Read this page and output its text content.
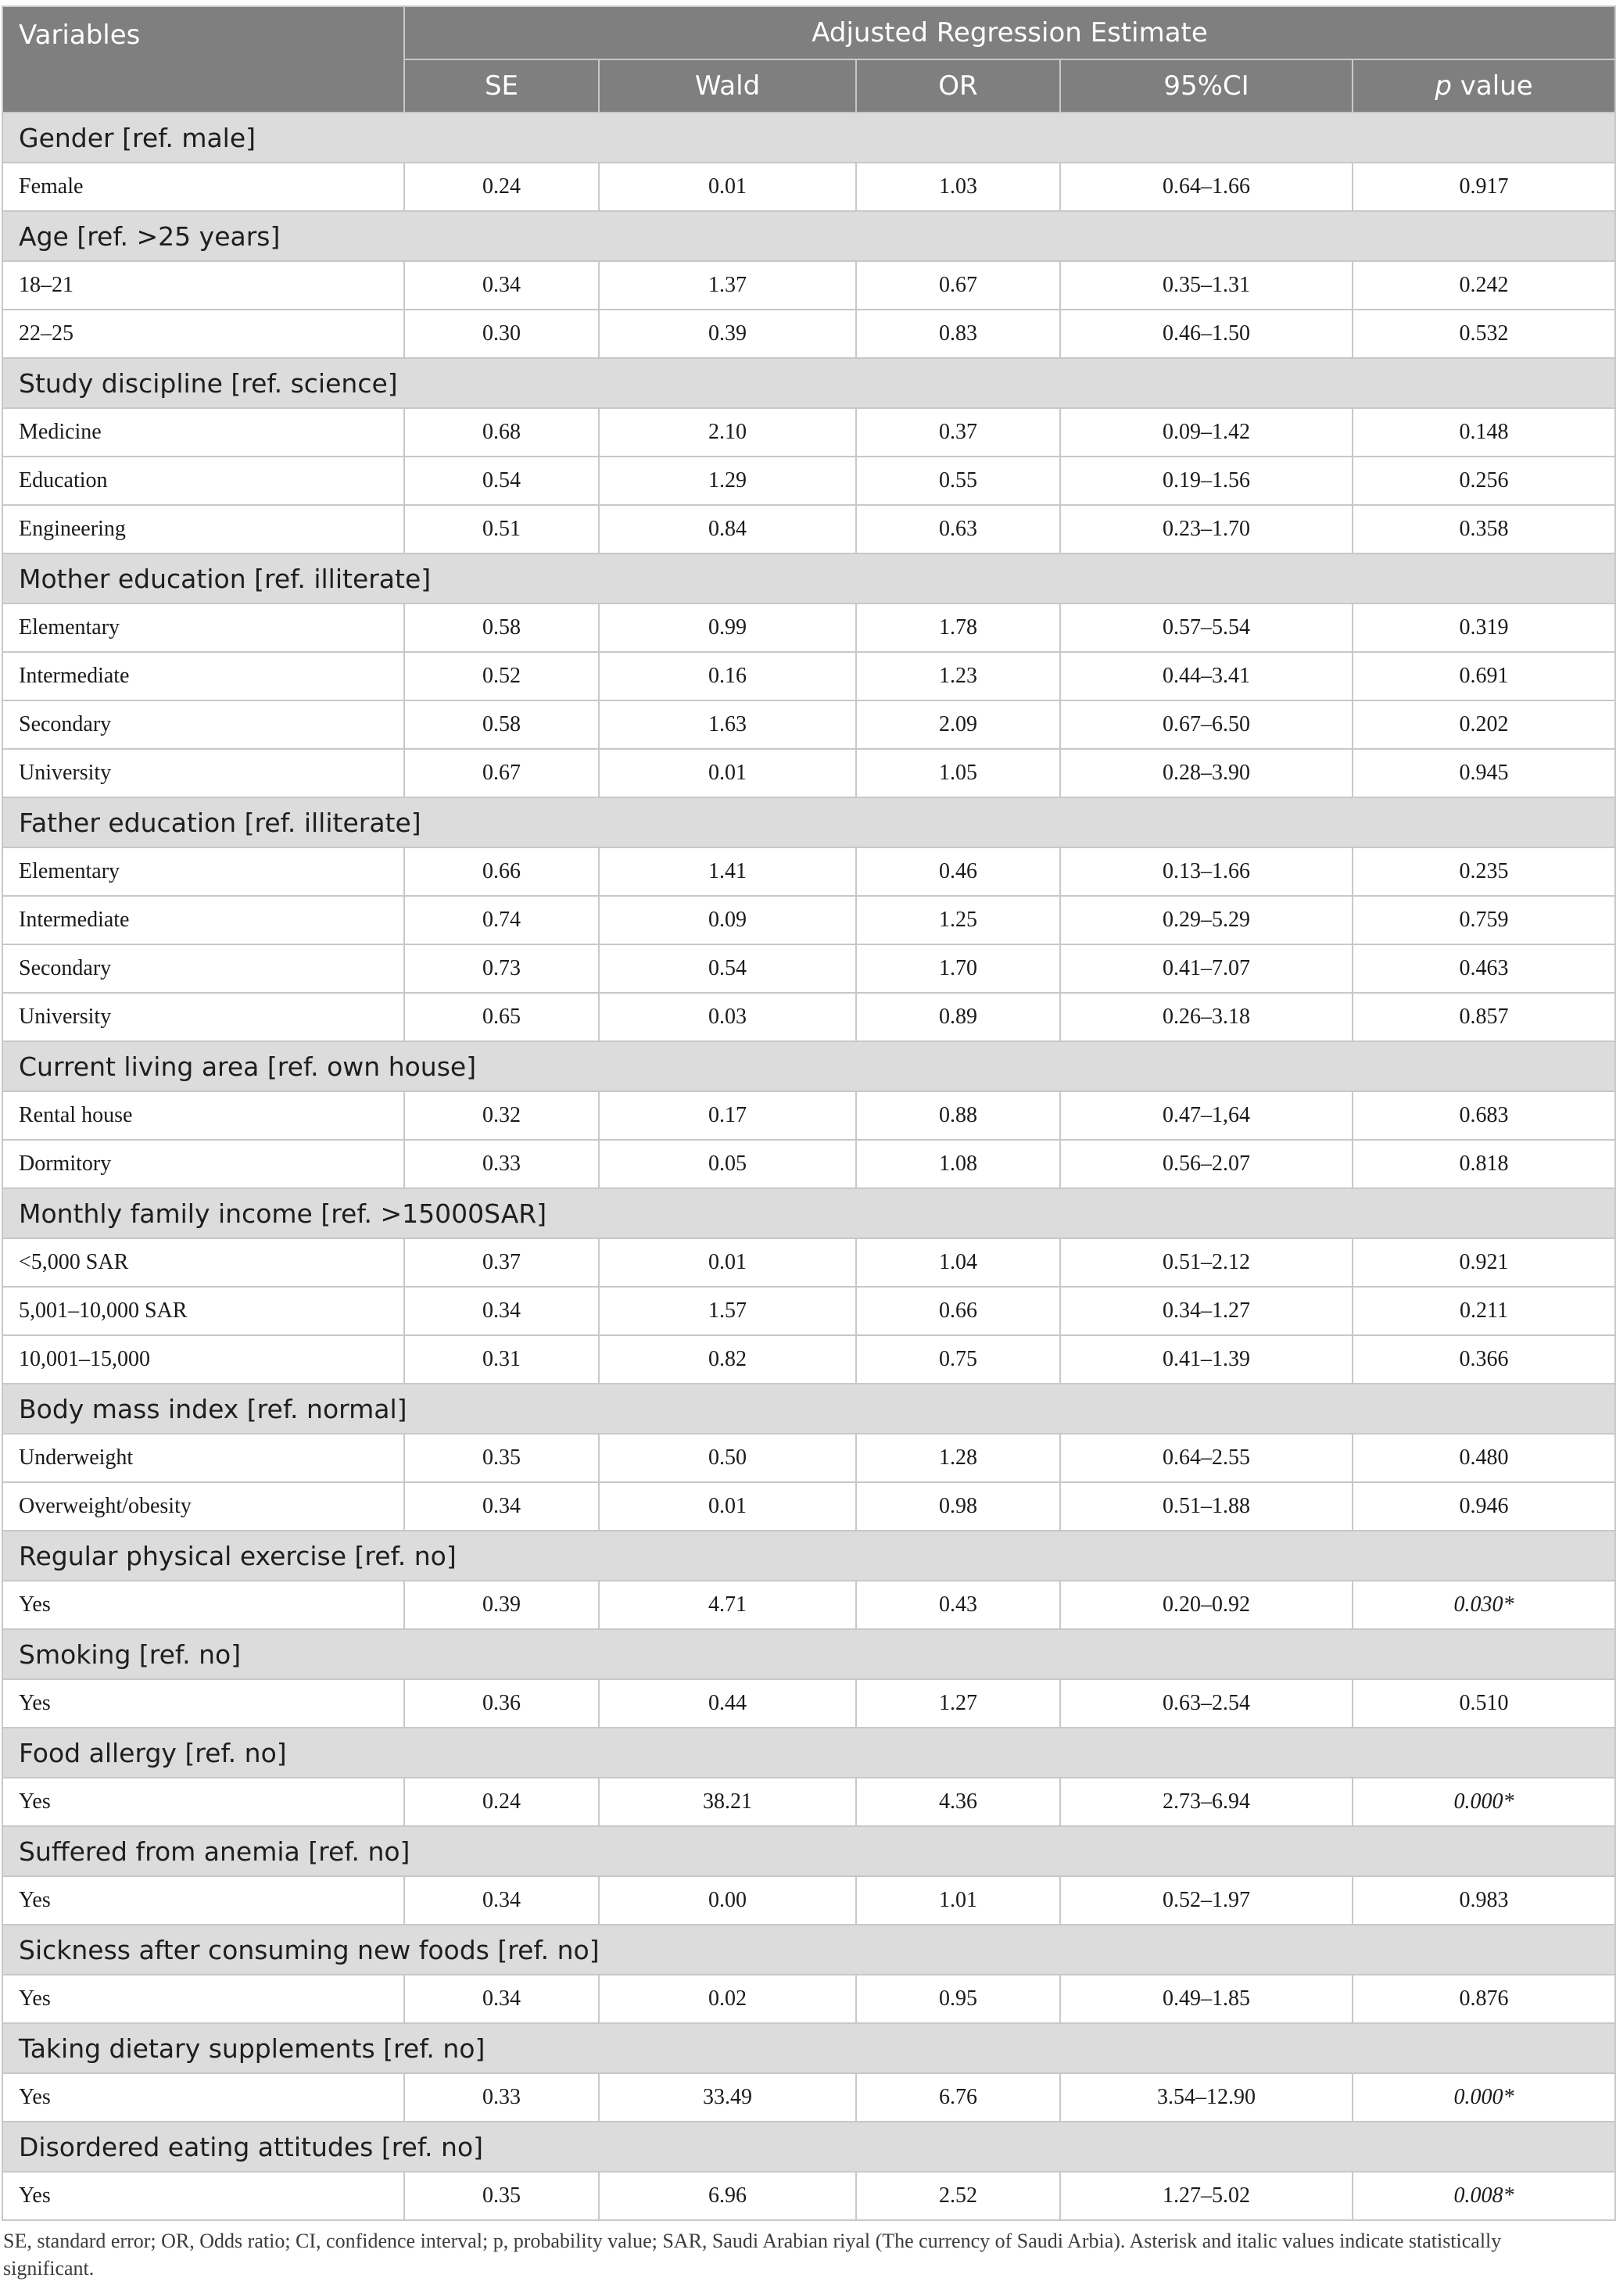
Variables	Adjusted Regression Estimate				
	SE	Wald	OR	95%CI	p value
Gender [ref. male]					
Female	0.24	0.01	1.03	0.64–1.66	0.917
Age [ref. >25 years]					
18–21	0.34	1.37	0.67	0.35–1.31	0.242
22–25	0.30	0.39	0.83	0.46–1.50	0.532
Study discipline [ref. science]					
Medicine	0.68	2.10	0.37	0.09–1.42	0.148
Education	0.54	1.29	0.55	0.19–1.56	0.256
Engineering	0.51	0.84	0.63	0.23–1.70	0.358
Mother education [ref. illiterate]					
Elementary	0.58	0.99	1.78	0.57–5.54	0.319
Intermediate	0.52	0.16	1.23	0.44–3.41	0.691
Secondary	0.58	1.63	2.09	0.67–6.50	0.202
University	0.67	0.01	1.05	0.28–3.90	0.945
Father education [ref. illiterate]					
Elementary	0.66	1.41	0.46	0.13–1.66	0.235
Intermediate	0.74	0.09	1.25	0.29–5.29	0.759
Secondary	0.73	0.54	1.70	0.41–7.07	0.463
University	0.65	0.03	0.89	0.26–3.18	0.857
Current living area [ref. own house]					
Rental house	0.32	0.17	0.88	0.47–1,64	0.683
Dormitory	0.33	0.05	1.08	0.56–2.07	0.818
Monthly family income [ref. >15000SAR]					
<5,000 SAR	0.37	0.01	1.04	0.51–2.12	0.921
5,001–10,000 SAR	0.34	1.57	0.66	0.34–1.27	0.211
10,001–15,000	0.31	0.82	0.75	0.41–1.39	0.366
Body mass index [ref. normal]					
Underweight	0.35	0.50	1.28	0.64–2.55	0.480
Overweight/obesity	0.34	0.01	0.98	0.51–1.88	0.946
Regular physical exercise [ref. no]					
Yes	0.39	4.71	0.43	0.20–0.92	0.030*
Smoking [ref. no]					
Yes	0.36	0.44	1.27	0.63–2.54	0.510
Food allergy [ref. no]					
Yes	0.24	38.21	4.36	2.73–6.94	0.000*
Suffered from anemia [ref. no]					
Yes	0.34	0.00	1.01	0.52–1.97	0.983
Sickness after consuming new foods [ref. no]					
Yes	0.34	0.02	0.95	0.49–1.85	0.876
Taking dietary supplements [ref. no]					
Yes	0.33	33.49	6.76	3.54–12.90	0.000*
Disordered eating attitudes [ref. no]					
Yes	0.35	6.96	2.52	1.27–5.02	0.008*
SE, standard error; OR, Odds ratio; CI, confidence interval; p, probability value; SAR, Saudi Arabian riyal (The currency of Saudi Arbia). Asterisk and italic values indicate statistically significant.
